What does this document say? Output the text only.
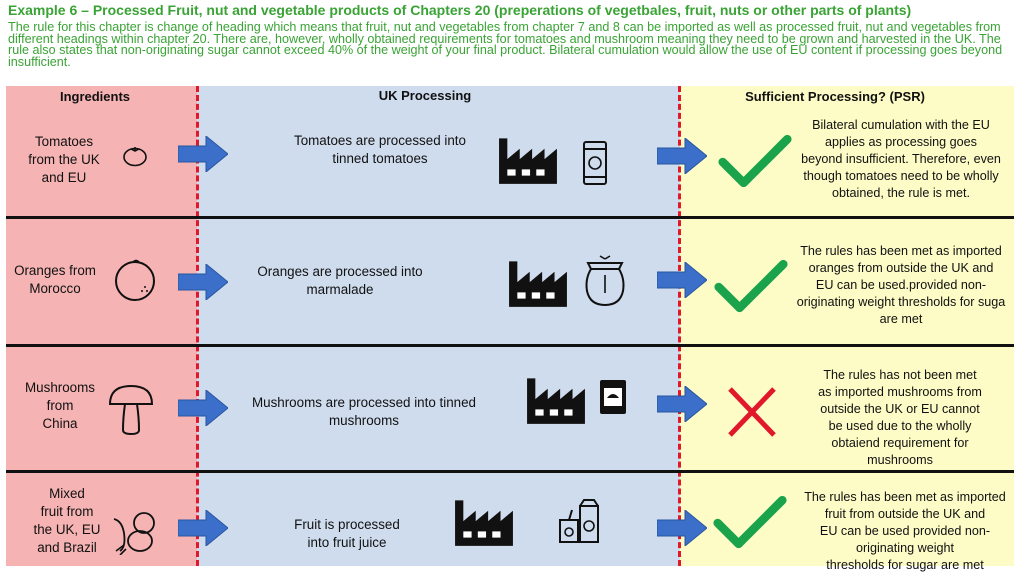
Example 6 – Processed Fruit, nut and vegetable products of Chapters 20 (preperations of vegetbales, fruit, nuts or other parts of plants)
The rule for this chapter is change of heading which means that fruit, nut and vegetables from chapter 7 and 8 can be imported as well as processed fruit, nut and vegetables from different headings within chapter 20. There are, however, wholly obtained requirements for tomatoes and mushroom meaning they need to be grown and harvested in the UK. The rule also states that non-originating sugar cannot exceed 40% of the weight of your final product. Bilateral cumulation would allow the use of EU content if processing goes beyond insufficient.
Ingredients	UK Processing	Sufficient Processing? (PSR)
Tomatoes
from the UK
and EU
Tomatoes are processed into
tinned tomatoes
Bilateral cumulation with the EU
applies as processing goes
beyond insufficient. Therefore, even
though tomatoes need to be wholly
obtained, the rule is met.
Oranges from
Morocco
Oranges are processed into
marmalade
The rules has been met as imported
oranges from outside the UK and
EU can be used.provided non-
originating weight thresholds for suga
are met
Mushrooms
from
China
Mushrooms are processed into tinned
mushrooms
The rules has not been met
as imported mushrooms from
outside the UK or EU cannot
be used due to the wholly
obtaiend requirement for
mushrooms
Mixed
fruit from
the UK, EU
and Brazil
Fruit is processed
into fruit juice
The rules has been met as imported
fruit from outside the UK and
EU can be used provided non-
originating weight
thresholds for sugar are met
